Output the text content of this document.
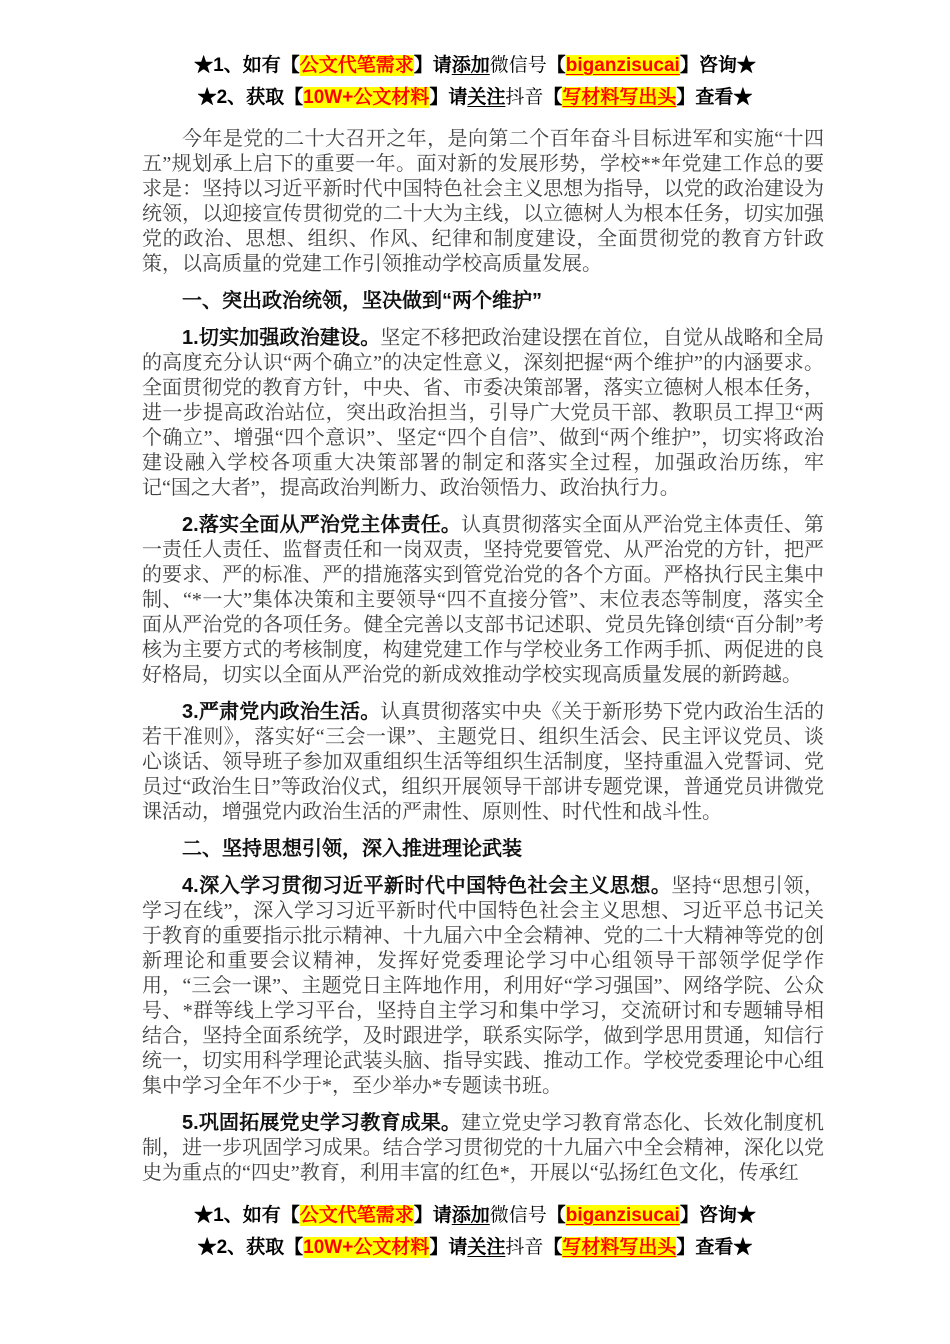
★1、如有【公文代笔需求】请添加微信号【biganzisucai】咨询★
★2、获取【10W+公文材料】请关注抖音【写材料写出头】查看★
今年是党的二十大召开之年，是向第二个百年奋斗目标进军和实施“十四五”规划承上启下的重要一年。面对新的发展形势，学校**年党建工作总的要求是：坚持以习近平新时代中国特色社会主义思想为指导，以党的政治建设为统领，以迎接宣传贯彻党的二十大为主线，以立德树人为根本任务，切实加强党的政治、思想、组织、作风、纪律和制度建设，全面贯彻党的教育方针政策，以高质量的党建工作引领推动学校高质量发展。
一、突出政治统领，坚决做到“两个维护”
1.切实加强政治建设。坚定不移把政治建设摆在首位，自觉从战略和全局的高度充分认识“两个确立”的决定性意义，深刻把握“两个维护”的内涵要求。全面贯彻党的教育方针，中央、省、市委决策部署，落实立德树人根本任务，进一步提高政治站位，突出政治担当，引导广大党员干部、教职员工捍卫“两个确立”、增强“四个意识”、坚定“四个自信”、做到“两个维护”，切实将政治建设融入学校各项重大决策部署的制定和落实全过程，加强政治历练，牢记“国之大者”，提高政治判断力、政治领悟力、政治执行力。
2.落实全面从严治党主体责任。认真贯彻落实全面从严治党主体责任、第一责任人责任、监督责任和一岗双责，坚持党要管党、从严治党的方针，把严的要求、严的标准、严的措施落实到管党治党的各个方面。严格执行民主集中制、“*一大”集体决策和主要领导“四不直接分管”、末位表态等制度，落实全面从严治党的各项任务。健全完善以支部书记述职、党员先锋创绩“百分制”考核为主要方式的考核制度，构建党建工作与学校业务工作两手抓、两促进的良好格局，切实以全面从严治党的新成效推动学校实现高质量发展的新跨越。
3.严肃党内政治生活。认真贯彻落实中央《关于新形势下党内政治生活的若干准则》，落实好“三会一课”、主题党日、组织生活会、民主评议党员、谈心谈话、领导班子参加双重组织生活等组织生活制度，坚持重温入党誓词、党员过“政治生日”等政治仪式，组织开展领导干部讲专题党课，普通党员讲微党课活动，增强党内政治生活的严肃性、原则性、时代性和战斗性。
二、坚持思想引领，深入推进理论武装
4.深入学习贯彻习近平新时代中国特色社会主义思想。坚持“思想引领，学习在线”，深入学习习近平新时代中国特色社会主义思想、习近平总书记关于教育的重要指示批示精神、十九届六中全会精神、党的二十大精神等党的创新理论和重要会议精神，发挥好党委理论学习中心组领导干部领学促学作用，“三会一课”、主题党日主阵地作用，利用好“学习强国”、网络学院、公众号、*群等线上学习平台，坚持自主学习和集中学习，交流研讨和专题辅导相结合，坚持全面系统学，及时跟进学，联系实际学，做到学思用贯通，知信行统一，切实用科学理论武装头脑、指导实践、推动工作。学校党委理论中心组集中学习全年不少于*，至少举办*专题读书班。
5.巩固拓展党史学习教育成果。建立党史学习教育常态化、长效化制度机制，进一步巩固学习成果。结合学习贯彻党的十九届六中全会精神，深化以党史为重点的“四史”教育，利用丰富的红色*，开展以“弘扬红色文化，传承红
★1、如有【公文代笔需求】请添加微信号【biganzisucai】咨询★
★2、获取【10W+公文材料】请关注抖音【写材料写出头】查看★
